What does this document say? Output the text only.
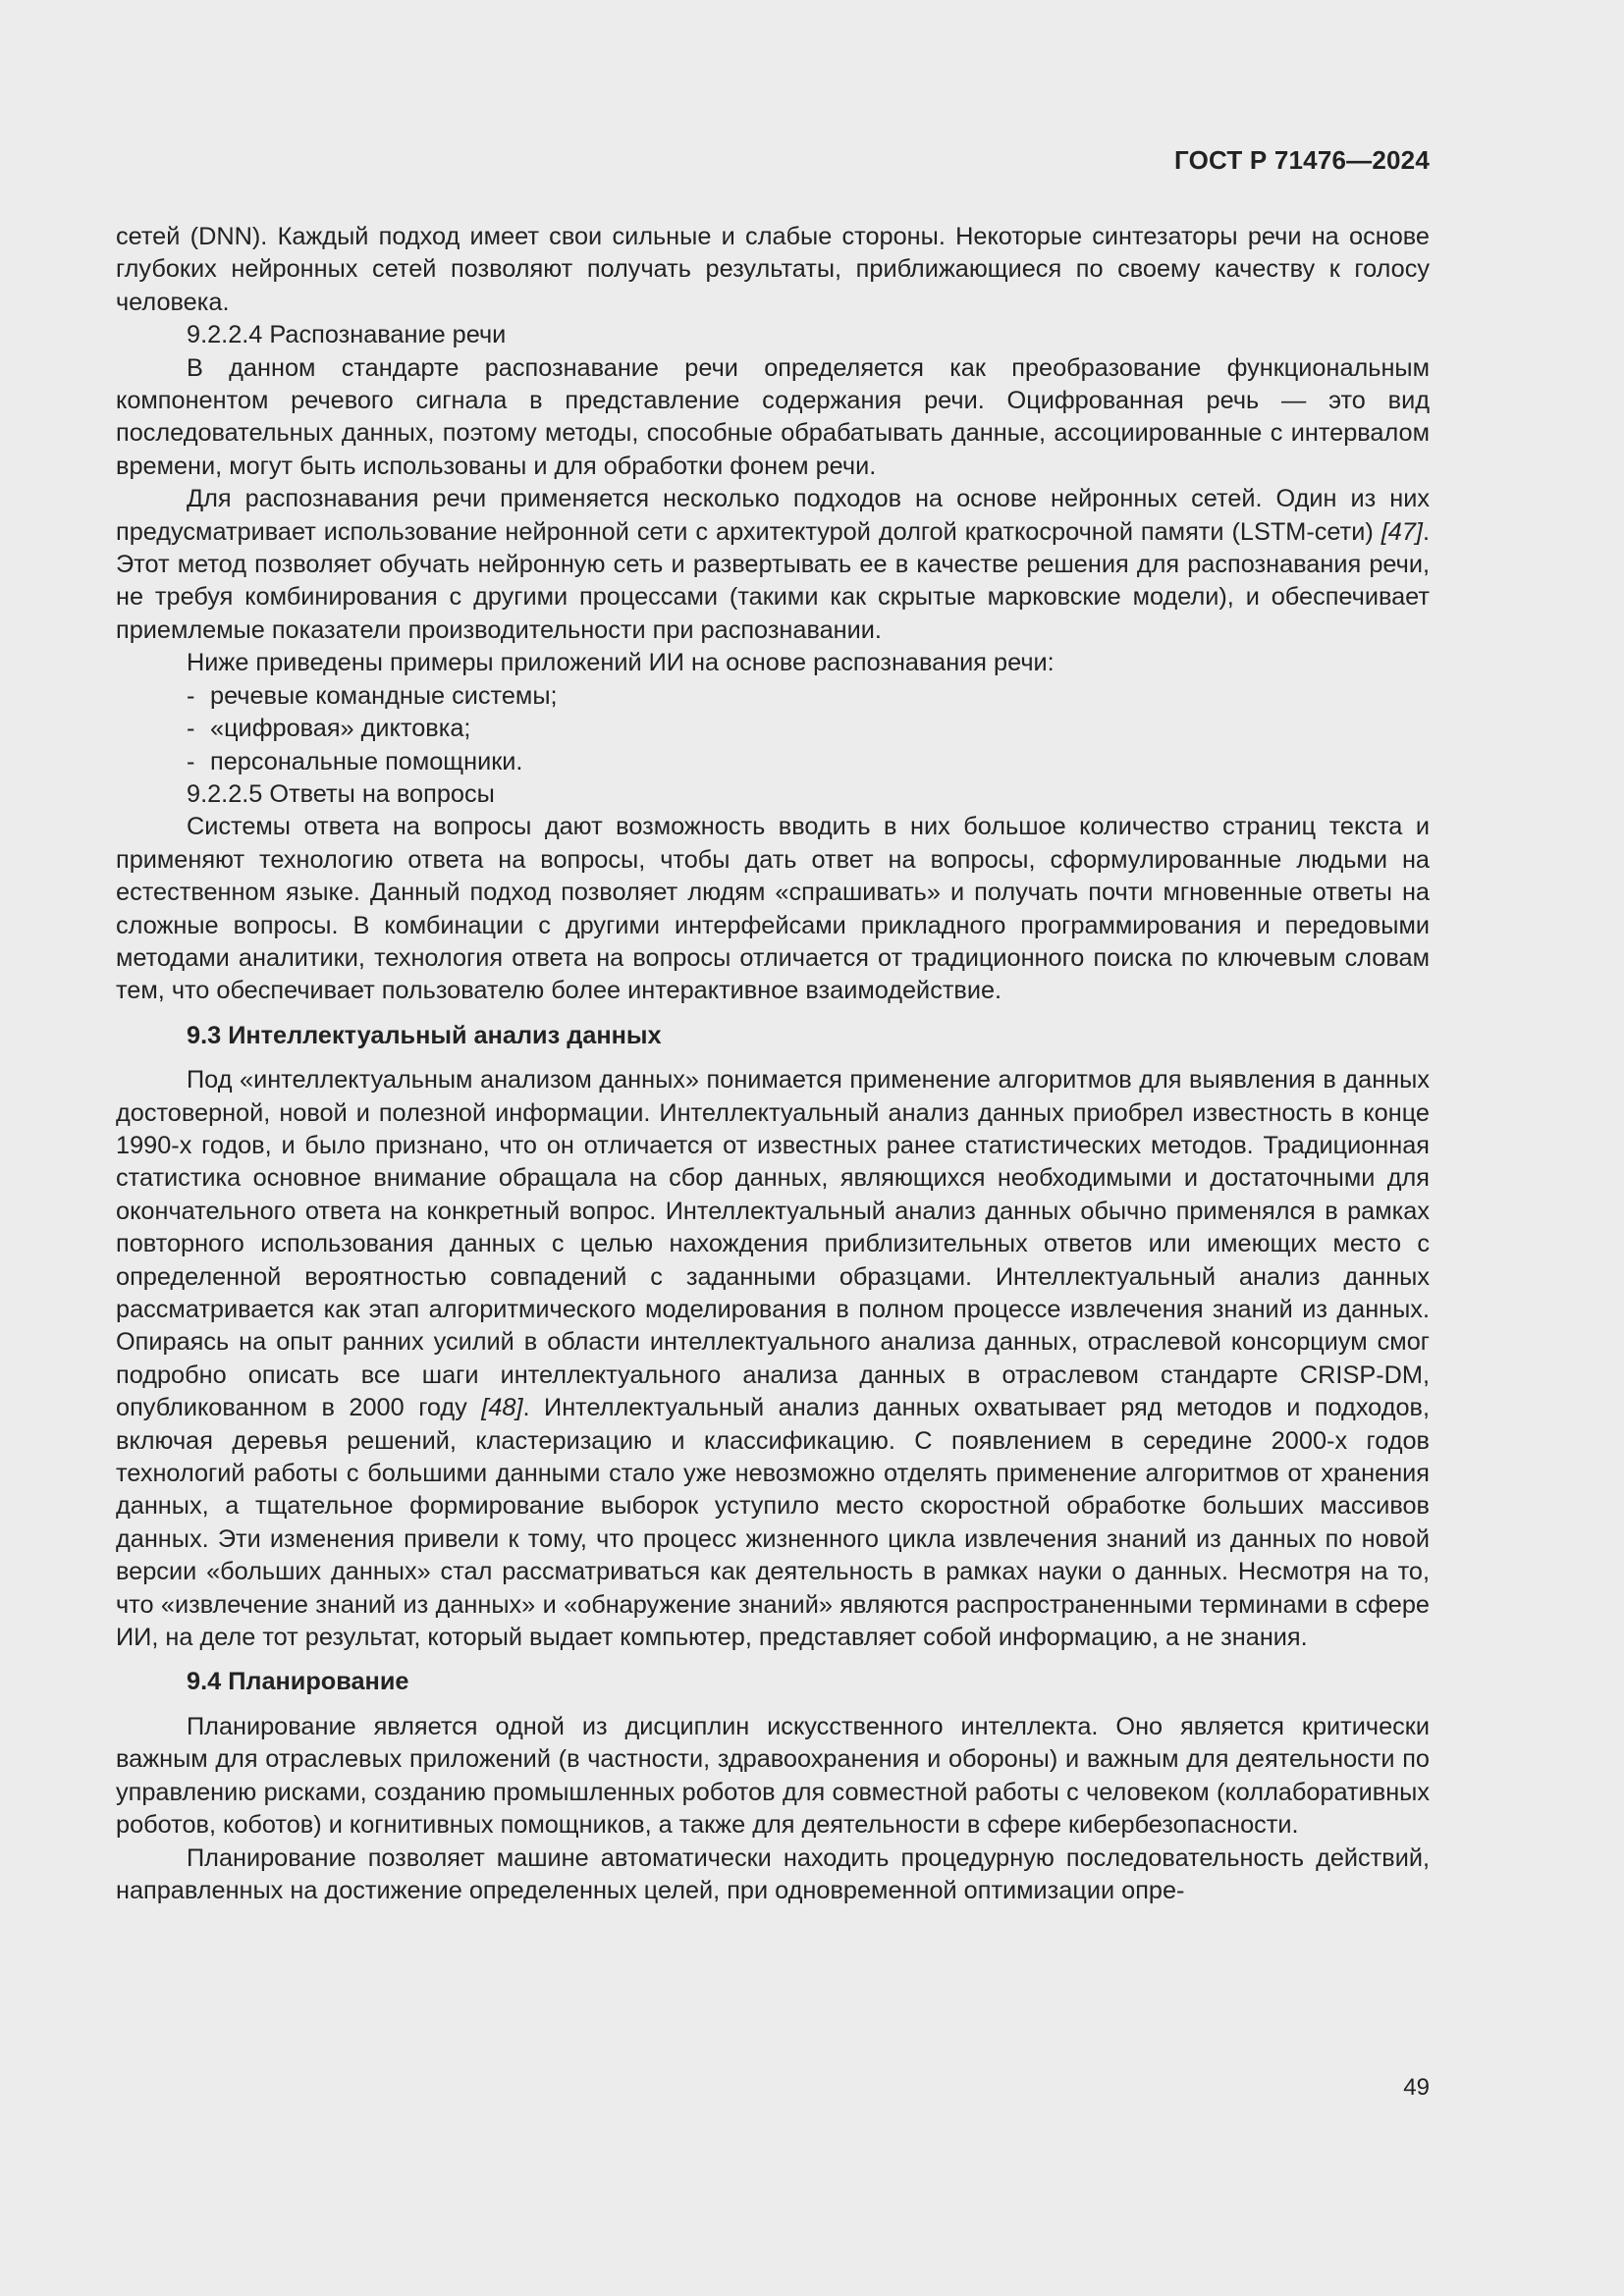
ГОСТ Р 71476—2024

сетей (DNN). Каждый подход имеет свои сильные и слабые стороны. Некоторые синтезаторы речи на основе глубоких нейронных сетей позволяют получать результаты, приближающиеся по своему качеству к голосу человека.

9.2.2.4 Распознавание речи

В данном стандарте распознавание речи определяется как преобразование функциональным компонентом речевого сигнала в представление содержания речи. Оцифрованная речь — это вид последовательных данных, поэтому методы, способные обрабатывать данные, ассоциированные с интервалом времени, могут быть использованы и для обработки фонем речи.

Для распознавания речи применяется несколько подходов на основе нейронных сетей. Один из них предусматривает использование нейронной сети с архитектурой долгой краткосрочной памяти (LSTM-сети) [47]. Этот метод позволяет обучать нейронную сеть и развертывать ее в качестве решения для распознавания речи, не требуя комбинирования с другими процессами (такими как скрытые марковские модели), и обеспечивает приемлемые показатели производительности при распознавании.

Ниже приведены примеры приложений ИИ на основе распознавания речи:

- речевые командные системы;

- «цифровая» диктовка;

- персональные помощники.

9.2.2.5 Ответы на вопросы

Системы ответа на вопросы дают возможность вводить в них большое количество страниц текста и применяют технологию ответа на вопросы, чтобы дать ответ на вопросы, сформулированные людьми на естественном языке. Данный подход позволяет людям «спрашивать» и получать почти мгновенные ответы на сложные вопросы. В комбинации с другими интерфейсами прикладного программирования и передовыми методами аналитики, технология ответа на вопросы отличается от традиционного поиска по ключевым словам тем, что обеспечивает пользователю более интерактивное взаимодействие.

9.3 Интеллектуальный анализ данных

Под «интеллектуальным анализом данных» понимается применение алгоритмов для выявления в данных достоверной, новой и полезной информации. Интеллектуальный анализ данных приобрел известность в конце 1990-х годов, и было признано, что он отличается от известных ранее статистических методов. Традиционная статистика основное внимание обращала на сбор данных, являющихся необходимыми и достаточными для окончательного ответа на конкретный вопрос. Интеллектуальный анализ данных обычно применялся в рамках повторного использования данных с целью нахождения приблизительных ответов или имеющих место с определенной вероятностью совпадений с заданными образцами. Интеллектуальный анализ данных рассматривается как этап алгоритмического моделирования в полном процессе извлечения знаний из данных. Опираясь на опыт ранних усилий в области интеллектуального анализа данных, отраслевой консорциум смог подробно описать все шаги интеллектуального анализа данных в отраслевом стандарте CRISP-DM, опубликованном в 2000 году [48]. Интеллектуальный анализ данных охватывает ряд методов и подходов, включая деревья решений, кластеризацию и классификацию. С появлением в середине 2000-х годов технологий работы с большими данными стало уже невозможно отделять применение алгоритмов от хранения данных, а тщательное формирование выборок уступило место скоростной обработке больших массивов данных. Эти изменения привели к тому, что процесс жизненного цикла извлечения знаний из данных по новой версии «больших данных» стал рассматриваться как деятельность в рамках науки о данных. Несмотря на то, что «извлечение знаний из данных» и «обнаружение знаний» являются распространенными терминами в сфере ИИ, на деле тот результат, который выдает компьютер, представляет собой информацию, а не знания.

9.4 Планирование

Планирование является одной из дисциплин искусственного интеллекта. Оно является критически важным для отраслевых приложений (в частности, здравоохранения и обороны) и важным для деятельности по управлению рисками, созданию промышленных роботов для совместной работы с человеком (коллаборативных роботов, коботов) и когнитивных помощников, а также для деятельности в сфере кибербезопасности.

Планирование позволяет машине автоматически находить процедурную последовательность действий, направленных на достижение определенных целей, при одновременной оптимизации опре-

49
